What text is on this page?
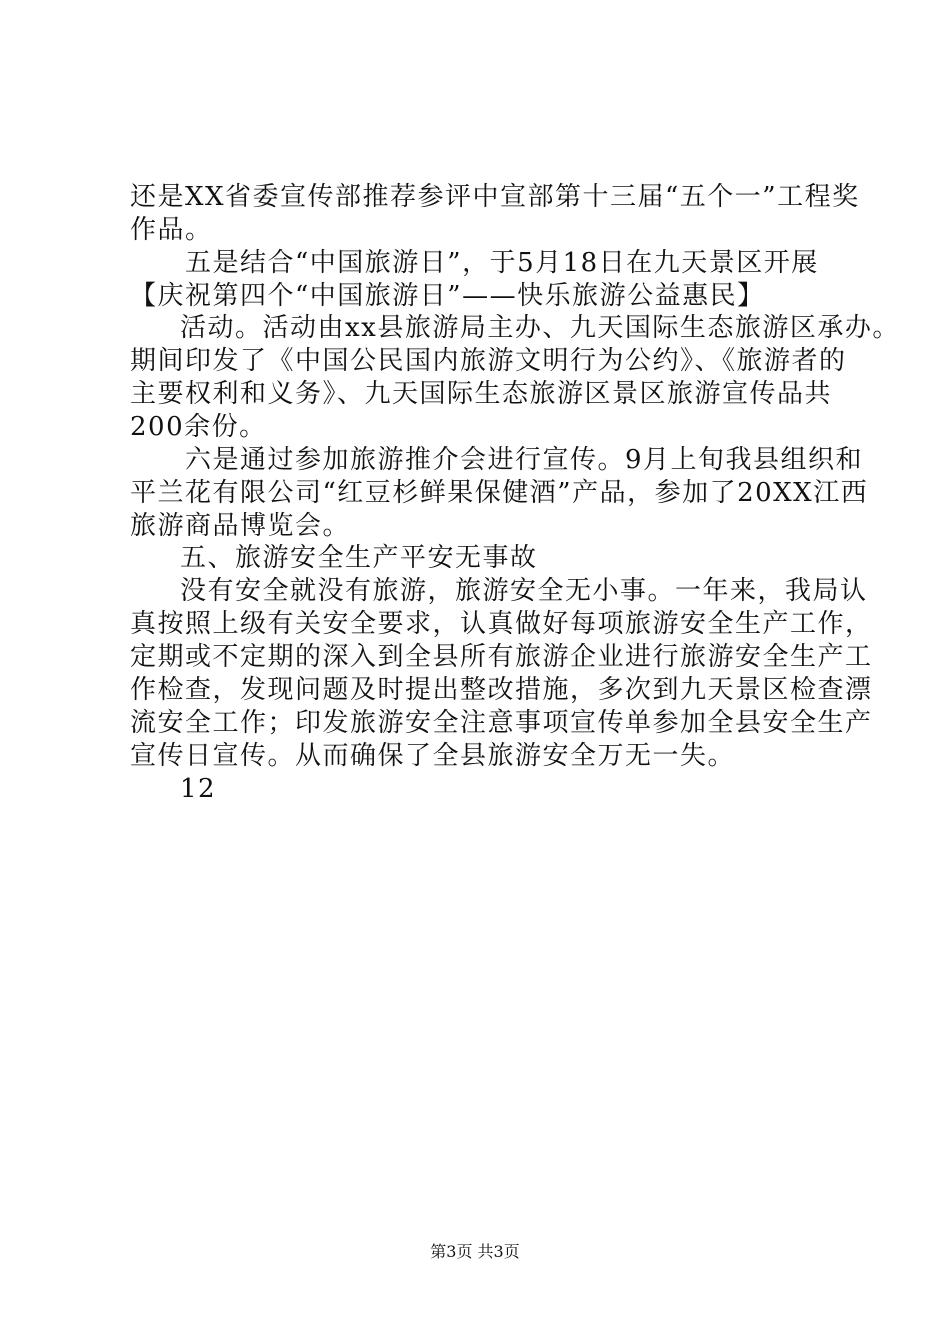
还是XX省委宣传部推荐参评中宣部第十三届“五个一”工程奖
作品。
五是结合“中国旅游日”，于5月18日在九天景区开展
【庆祝第四个“中国旅游日”——快乐旅游公益惠民】
活动。活动由xx县旅游局主办、九天国际生态旅游区承办。
期间印发了《中国公民国内旅游文明行为公约》、《旅游者的
主要权利和义务》、九天国际生态旅游区景区旅游宣传品共
200余份。
六是通过参加旅游推介会进行宣传。9月上旬我县组织和
平兰花有限公司“红豆杉鲜果保健酒”产品，参加了20XX江西
旅游商品博览会。
五、旅游安全生产平安无事故
没有安全就没有旅游，旅游安全无小事。一年来，我局认
真按照上级有关安全要求，认真做好每项旅游安全生产工作，
定期或不定期的深入到全县所有旅游企业进行旅游安全生产工
作检查，发现问题及时提出整改措施，多次到九天景区检查漂
流安全工作；印发旅游安全注意事项宣传单参加全县安全生产
宣传日宣传。从而确保了全县旅游安全万无一失。
12
第3页 共3页
